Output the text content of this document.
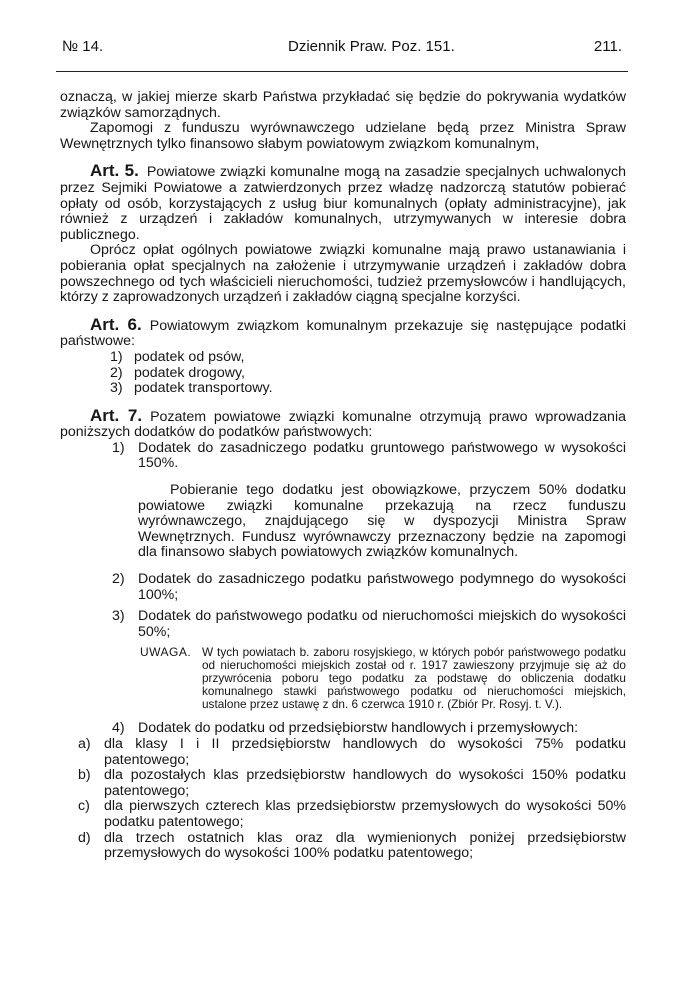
№ 14.	Dziennik Praw. Poz. 151.	211.

oznaczą, w jakiej mierze skarb Państwa przykładać się będzie do pokrywania wydatków związków samorządnych.

Zapomogi z funduszu wyrównawczego udzielane będą przez Ministra Spraw Wewnętrznych tylko finansowo słabym powiatowym związkom komunalnym,

Art. 5. Powiatowe związki komunalne mogą na zasadzie specjalnych uchwalonych przez Sejmiki Powiatowe a zatwierdzonych przez władzę nadzorczą statutów pobierać opłaty od osób, korzystających z usług biur komunalnych (opłaty administracyjne), jak również z urządzeń i zakładów komunalnych, utrzymywanych w interesie dobra publicznego.

Oprócz opłat ogólnych powiatowe związki komunalne mają prawo ustanawiania i pobierania opłat specjalnych na założenie i utrzymywanie urządzeń i zakładów dobra powszechnego od tych właścicieli nieruchomości, tudzież przemysłowców i handlujących, którzy z zaprowadzonych urządzeń i zakładów ciągną specjalne korzyści.

Art. 6. Powiatowym związkom komunalnym przekazuje się następujące podatki państwowe:

1) podatek od psów,
2) podatek drogowy,
3) podatek transportowy.

Art. 7. Pozatem powiatowe związki komunalne otrzymują prawo wprowadzania poniższych dodatków do podatków państwowych:

1) Dodatek do zasadniczego podatku gruntowego państwowego w wysokości 150%.

Pobieranie tego dodatku jest obowiązkowe, przyczem 50% dodatku powiatowe związki komunalne przekazują na rzecz funduszu wyrównawczego, znajdującego się w dyspozycji Ministra Spraw Wewnętrznych. Fundusz wyrównawczy przeznaczony będzie na zapomogi dla finansowo słabych powiatowych związków komunalnych.

2) Dodatek do zasadniczego podatku państwowego podymnego do wysokości 100%;
3) Dodatek do państwowego podatku od nieruchomości miejskich do wysokości 50%;
UWAGA. W tych powiatach b. zaboru rosyjskiego, w których pobór państwowego podatku od nieruchomości miejskich został od r. 1917 zawieszony przyjmuje się aż do przywrócenia poboru tego podatku za podstawę do obliczenia dodatku komunalnego stawki państwowego podatku od nieruchomości miejskich, ustalone przez ustawę z dn. 6 czerwca 1910 r. (Zbiór Pr. Rosyj. t. V.).
4) Dodatek do podatku od przedsiębiorstw handlowych i przemysłowych:
a) dla klasy I i II przedsiębiorstw handlowych do wysokości 75% podatku patentowego;
b) dla pozostałych klas przedsiębiorstw handlowych do wysokości 150% podatku patentowego;
c) dla pierwszych czterech klas przedsiębiorstw przemysłowych do wysokości 50% podatku patentowego;
d) dla trzech ostatnich klas oraz dla wymienionych poniżej przedsiębiorstw przemysłowych do wysokości 100% podatku patentowego;
